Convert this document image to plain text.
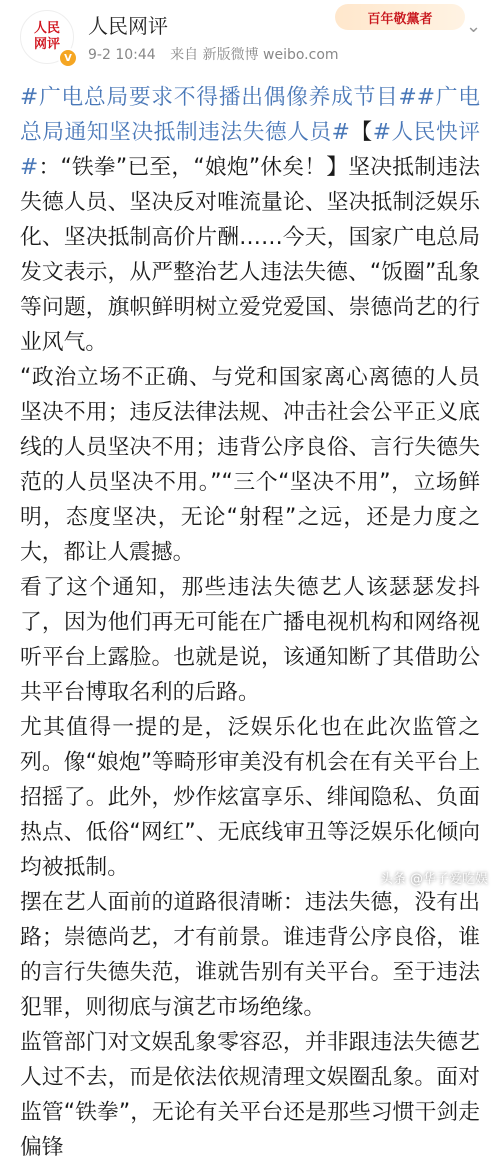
人民
网评
V
人民网评
9-2 10:44 来自 新版微博 weibo.com
百年敬黨者	⌄

#广电总局要求不得播出偶像养成节目##广电总局通知坚决抵制违法失德人员#【#人民快评#：“铁拳”已至，“娘炮”休矣！】坚决抵制违法失德人员、坚决反对唯流量论、坚决抵制泛娱乐化、坚决抵制高价片酬……今天，国家广电总局发文表示，从严整治艺人违法失德、“饭圈”乱象等问题，旗帜鲜明树立爱党爱国、崇德尚艺的行业风气。

“政治立场不正确、与党和国家离心离德的人员坚决不用；违反法律法规、冲击社会公平正义底线的人员坚决不用；违背公序良俗、言行失德失范的人员坚决不用。”“三个“坚决不用”，立场鲜明，态度坚决，无论“射程”之远，还是力度之大，都让人震撼。

看了这个通知，那些违法失德艺人该瑟瑟发抖了，因为他们再无可能在广播电视机构和网络视听平台上露脸。也就是说，该通知断了其借助公共平台博取名利的后路。

尤其值得一提的是，泛娱乐化也在此次监管之列。像“娘炮”等畸形审美没有机会在有关平台上招摇了。此外，炒作炫富享乐、绯闻隐私、负面热点、低俗“网红”、无底线审丑等泛娱乐化倾向均被抵制。

摆在艺人面前的道路很清晰：违法失德，没有出路；崇德尚艺，才有前景。谁违背公序良俗，谁的言行失德失范，谁就告别有关平台。至于违法犯罪，则彻底与演艺市场绝缘。

监管部门对文娱乱象零容忍，并非跟违法失德艺人过不去，而是依法依规清理文娱圈乱象。面对监管“铁拳”，无论有关平台还是那些习惯干剑走偏锋

头条 @华子爱吃娱
